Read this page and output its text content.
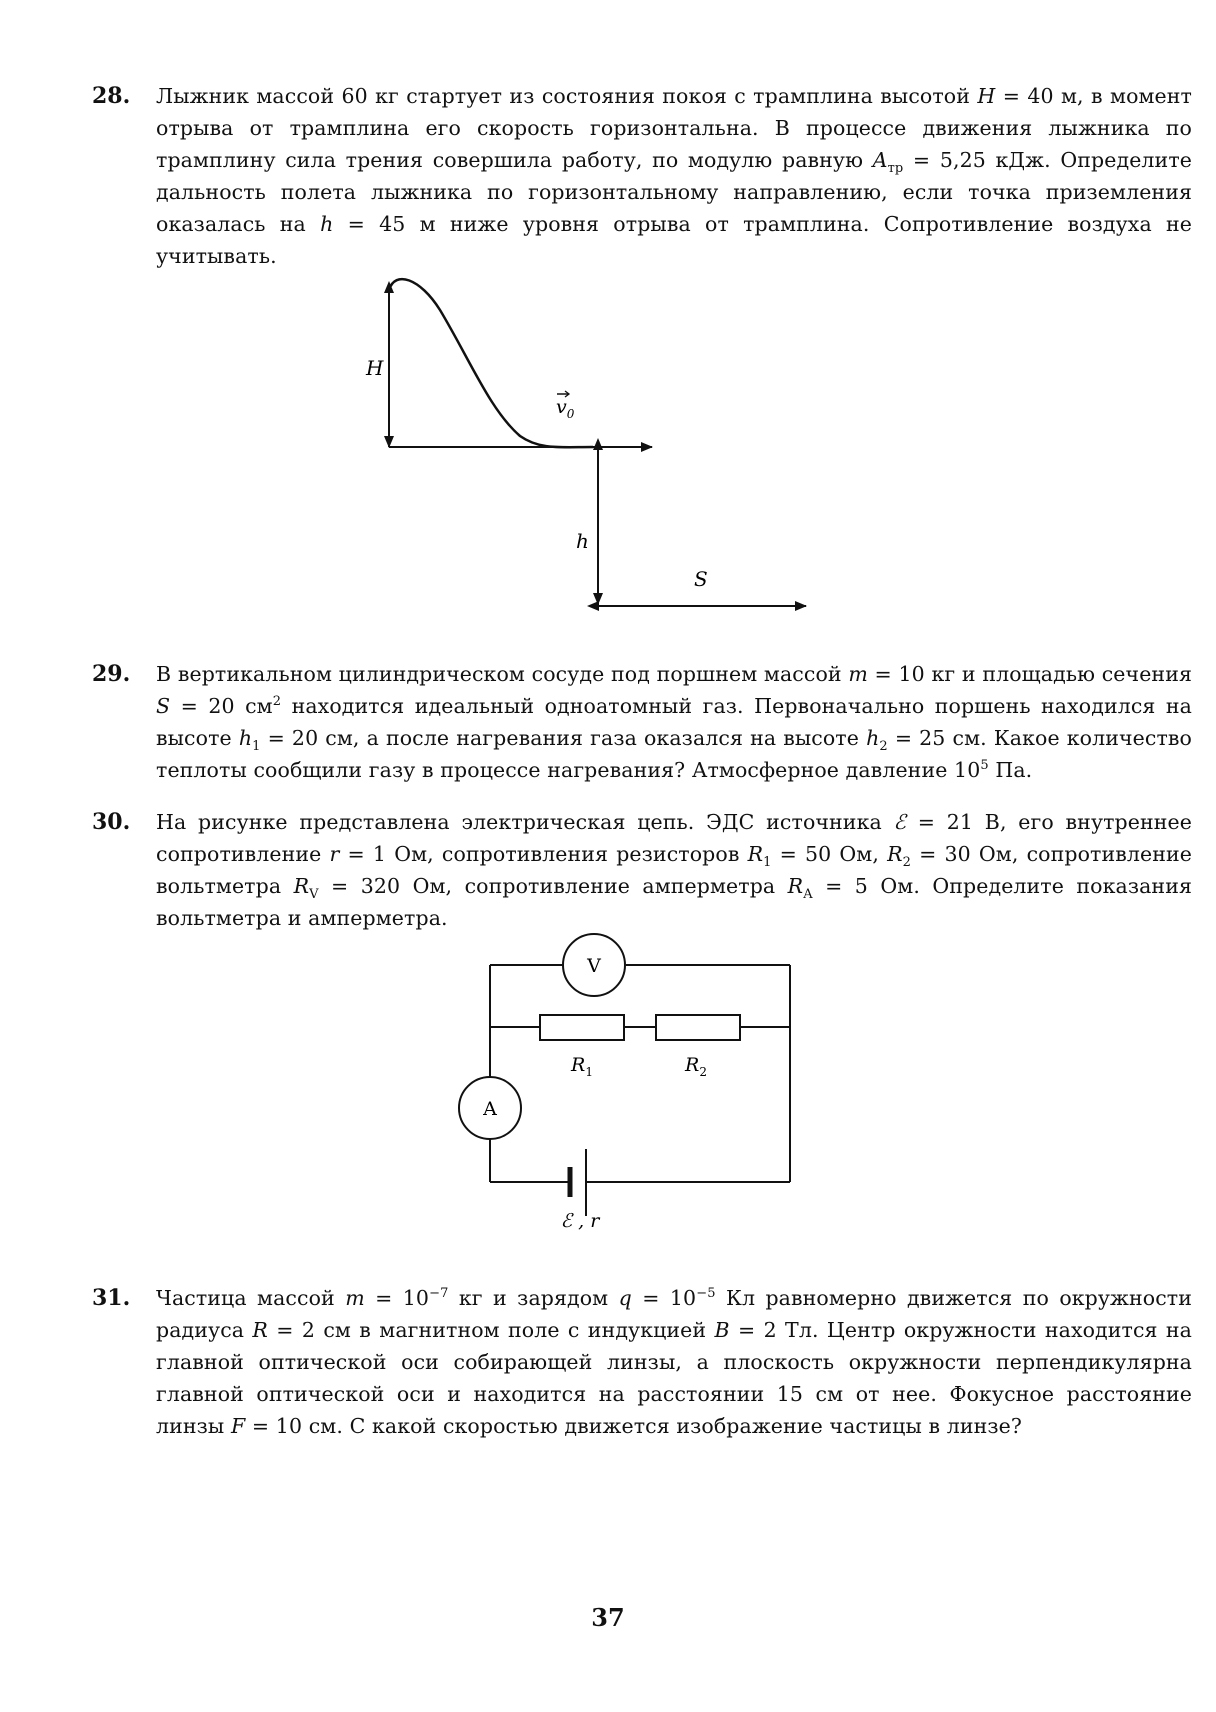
28. Лыжник массой 60 кг стартует из состояния покоя с трамплина высотой H = 40 м, в момент отрыва от трамплина его скорость горизонтальна. В процессе движения лыжника по трамплину сила трения совершила работу, по модулю равную $A_{тр} = 5,25$ кДж. Определите дальность полета лыжника по горизонтальному направлению, если точка приземления оказалась на h = 45 м ниже уровня отрыва от трамплина. Сопротивление воздуха не учитывать.
H
$v_0$
h
S
29. В вертикальном цилиндрическом сосуде под поршнем массой m = 10 кг и площадью сечения S = 20 $см^2$ находится идеальный одноатомный газ. Первоначально поршень находился на высоте $h_1 = 20$ см, а после нагревания газа оказался на высоте $h_2 = 25$ см. Какое количество теплоты сообщили газу в процессе нагревания? Атмосферное давление $10^5$ Па.
30. На рисунке представлена электрическая цепь. ЭДС источника ℰ = 21 В, его внутреннее сопротивление r = 1 Ом, сопротивления резисторов $R_1 = 50$ Ом, $R_2 = 30$ Ом, сопротивление вольтметра $R_V = 320$ Ом, сопротивление амперметра $R_A = 5$ Ом. Определите показания вольтметра и амперметра.
V
$R_1$	$R_2$
A
ℰ , r
31. Частица массой $m = 10^{-7}$ кг и зарядом $q = 10^{-5}$ Кл равномерно движется по окружности радиуса R = 2 см в магнитном поле с индукцией B = 2 Тл. Центр окружности находится на главной оптической оси собирающей линзы, а плоскость окружности перпендикулярна главной оптической оси и находится на расстоянии 15 см от нее. Фокусное расстояние линзы F = 10 см. С какой скоростью движется изображение частицы в линзе?
37
